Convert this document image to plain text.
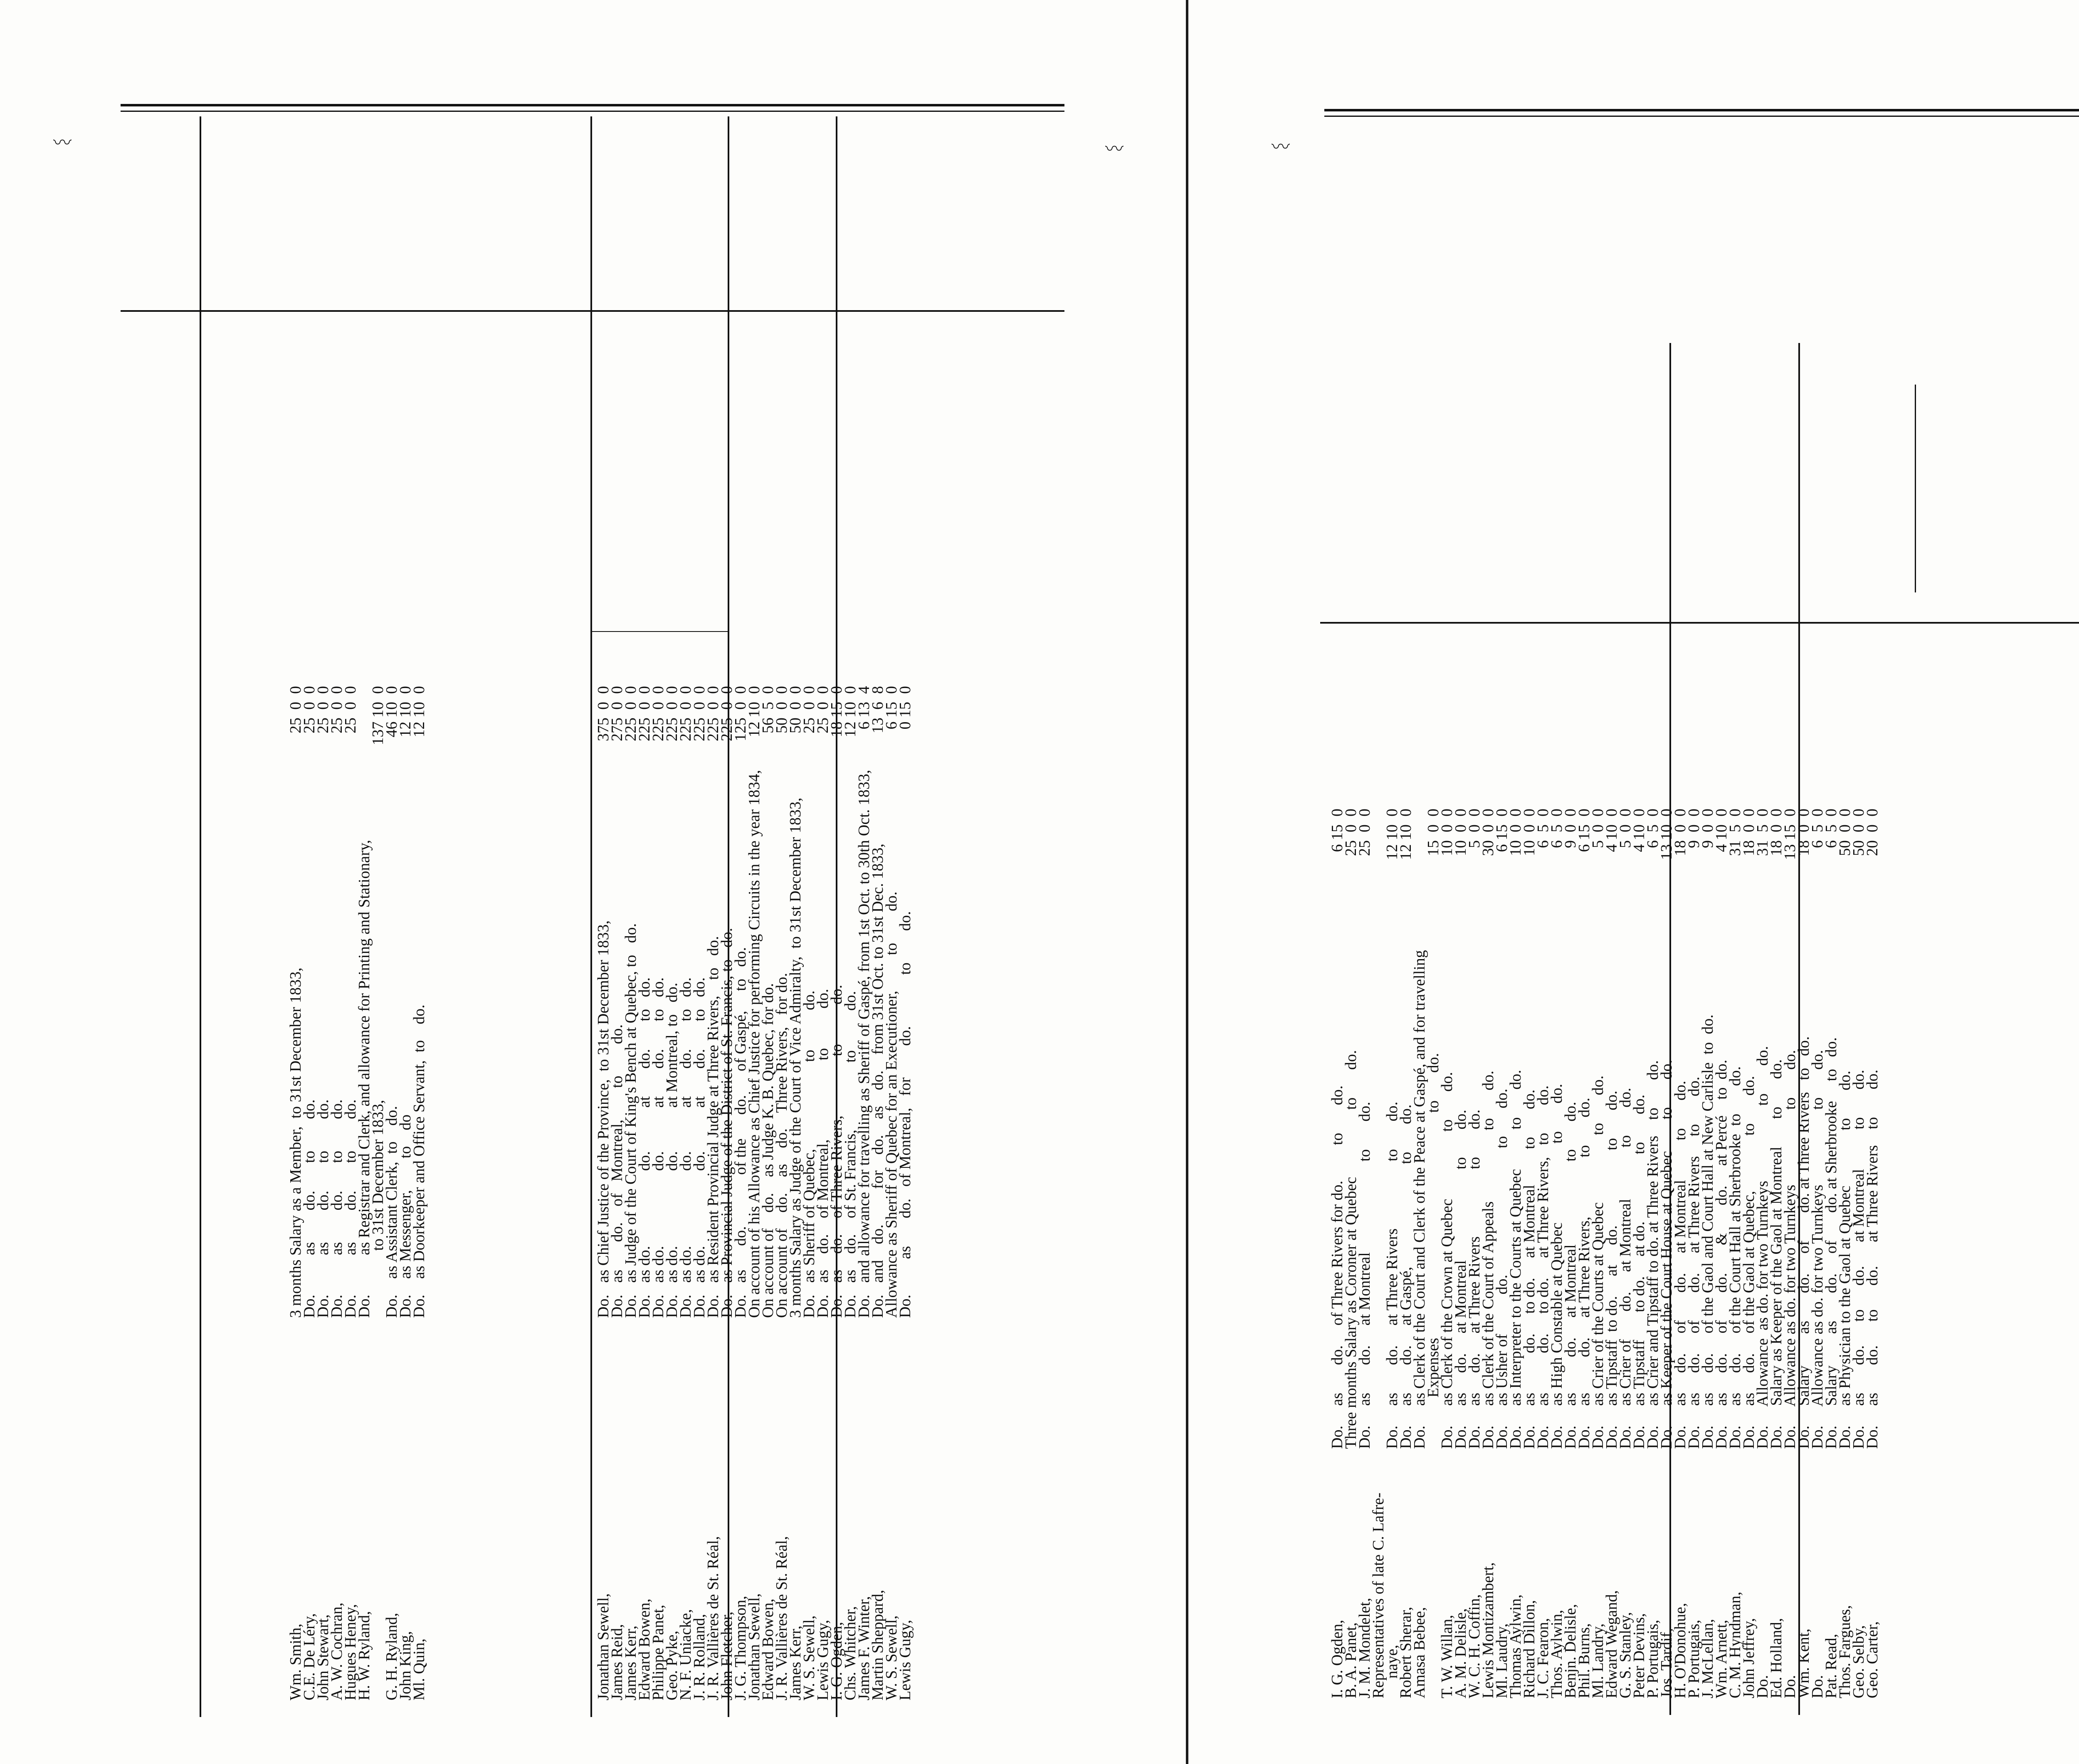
〰	〰
Wm. Smith,
3 months Salary as a Member,  to 31st December 1833,
25  0  0
C.E. De Léry,
Do.          as        do.       to        do.
25  0  0
John Stewart,
Do.          as        do.       to        do.
25  0  0
A. W. Cochran,
Do.          as        do.       to        do.
25  0  0
Hugues Heney,
Do.          as        do.       to        do.
25  0  0
H. W. Ryland,
Do.          as Registrar and Clerk, and allowance for Printing and Stationary,
to 31st December 1833,
137 10  0
G. H. Ryland,
Do.    as Assistant Clerk,  to    do.
46 10  0
John King,
Do.    as Messenger,        to    do
12 10  0
Ml. Quin,
Do.    as Doorkeeper and Office Servant,  to    do.
12 10  0
Jonathan Sewell,
Do.   as Chief Justice of the Province,  to 31st December 1833,
375  0  0
James Reid,
Do.   as       do.    of   Montreal,        to        do.
275  0  0
James Kerr,
Do.   as Judge of the Court of King's Bench at Quebec, to   do.
225  0  0
Edward Bowen,
Do.   as do.                   do.           at       do.       to   do.
225  0  0
Philippe Panet,
Do.   as do.                   do.           at       do.       to   do.
225  0  0
Geo. Pyke,
Do.   as do.                   do.           at Montreal, to   do.
225  0  0
N. F. Uniacke,
Do.   as do.                   do.           at       do.       to   do.
225  0  0
J. R. Rolland,
Do.   as do.                   do.           at       do.       to   do.
225  0  0
J. R. Vallières de St. Réal,
Do.   as Resident Provincial Judge at Three Rivers,    to   do.
225  0  0
John Fletcher,
Do.   as Provincial Judge of the District of St. Francis, to   do.
225  0  0
J. G. Thompson,
Do.   as      do.             of the      do.      of Gaspé,     to   do.
125  0  0
Jonathan Sewell,
On account of his Allowance as Chief Justice for performing Circuits in the year 1834,
12 10  0
Edward Bowen,
On account of    do.    as Judge K. B. Quebec, for do.
56  5  0
J. R. Vallières de St. Réal,
On account of    do.    as    do.    Three Rivers,   for do.
50  0  0
James Kerr,
3 months Salary as Judge of the Court of Vice Admiralty,  to 31st December 1833,
50  0  0
W. S. Sewell,
Do.   as Sheriff of Quebec,                      to          do.
25  0  0
Lewis Gugy,
Do.   as    do.    of Montreal,                    to          do.
25  0  0
I. G. Ogden,
Do.   as    do.    of Three Rivers,               to          do.
18 15  0
Chs. Whitcher,
Do.   as    do.    of St. Francis,                 to          do.
12 10  0
James F. Winter,
Do.   and allowance for travelling as Sheriff of Gaspé, from 1st Oct. to 30th Oct. 1833,
6 13  4
Martin Sheppard,
Do.   and    do.         for    do.    as    do.    from 31st Oct. to 31st Dec. 1833,
13  6  8
W. S. Sewell,
Allowance as Sheriff of Quebec for an Executioner,         to        do.
6 15  0
Lewis Gugy,
Do.         as       do.   of Montreal,   for        do.             to        do.
0 15  0
〰
I. G. Ogden,
Do.     as       do.     of Three Rivers for do.         to       do.
6 15  0
B. A. Panet,
Three months Salary as Coroner at Quebec                 to       do.
25  0  0
J. M. Mondelet,
Do.     as       do.     at Montreal                       to       do.
25  0  0
Representatives of late C. Lafre-
naye,
Do.     as       do.     at Three Rivers                 to       do.
12 10  0
Robert Sherar,
Do.     as       do.     at Gaspé,                          to       do.
12 10  0
Amasa Bebee,
Do.     as Clerk of the Court and Clerk of the Peace at Gaspé, and for travelling
Expenses                                                         to       do.
15  0  0
T. W. Willan,
Do.     as Clerk of the Crown at Quebec                 to       do.
10  0  0
A. M. Delisle,
Do.     as     do.     at Montreal                       to       do.
10  0  0
W. C. H. Coffin,
Do.     as     do.     at Three Rivers                 to       do.
5  0  0
Lewis Montizambert,
Do.     as Clerk of the Court of Appeals                  to       do.
30  0  0
Ml. Laudry,
Do.     as Usher of          do.                                to       do.
6 15  0
Thomas Aylwin,
Do.     as Interpreter to the Courts at Quebec          to       do.
10  0  0
Richard Dillon,
Do.     as          do.     to do.     at Montreal         to       do.
10  0  0
J. C. Fearon,
Do.     as          do.     to do.     at Three Rivers,   to       do.
6  5  0
Thos. Aylwin,
Do.     as High Constable at Quebec                    to       do.
6  5  0
Benjn. Delisle,
Do.     as         do.     at Montreal                     to       do.
9  0  0
Phil. Burns,
Do.     as         do.     at Three Rivers,               to       do.
6 15  0
Ml. Landry,
Do.     as Crier of the Courts at Quebec                 to       do.
5  0  0
Edward Wegand,
Do.     as Tipstaff  to do.     at     do.                   to       do.
4 10  0
G. S. Stanley,
Do.     as Crier of       do.     at Montreal             to       do.
5  0  0
Peter Devins,
Do.     as Tipstaff       to do.     at do.                 to       do.
4 10  0
P. Portugais,
Do.     as Crier and Tipstaff to do. at Three Rivers    to       do.
6  5  0
Jos. Tardif,
Do.     as Keeper of the Court House at Quebec        to       do.
13 10  0
H. O'Donohue,
Do.     as     do.     of       do.     at Montreal          to       do.
18  0  0
P. Portugais,
Do.     as     do.     of       do.     at Three Rivers     to       do.
9  0  0
J. McLellan,
Do.     as     do.     of the Gaol and Court Hall at New Carlisle  to  do.
9  0  0
Wm. Arnett,
Do.     as     do.     of       do.       &       do.     at Percé    to  do.
4 10  0
C. M. Hyndman,
Do.     as     do.     of the Court Hall at Sherbrooke  to       do.
31  5  0
John Jeffrey,
Do.     as     do.     of the Gaol at Quebec,              to       do.
18  0  0
Do.
Do.     Allowance  as do. for two Turnkeys                   to       do.
31  5  0
Ed. Holland,
Do.     Salary as Keeper of the Gaol at Montreal       to       do.
18  0  0
Do.
Do.     Allowance as do. for two Turnkeys                   to       do.
13 15  0
Wm. Kent,
Do.     Salary        as       do.     of       do. at Three Rivers   to   do.
18  0  0
Do.
Do.     Allowance as do. for two Turnkeys                   to       do.
6  5  0
Pat. Read,
Do.     Salary        as       do.     of       do. at Sherbrooke     to   do.
6  5  0
Thos. Fargues,
Do.     as Physician to the Gaol at Quebec              to       do.
50  0  0
Geo. Selby,
Do.     as       do.      to      do.      at Montreal          to       do.
50  0  0
Geo. Carter,
Do.     as       do.      to      do.      at Three Rivers    to       do.
20  0  0
